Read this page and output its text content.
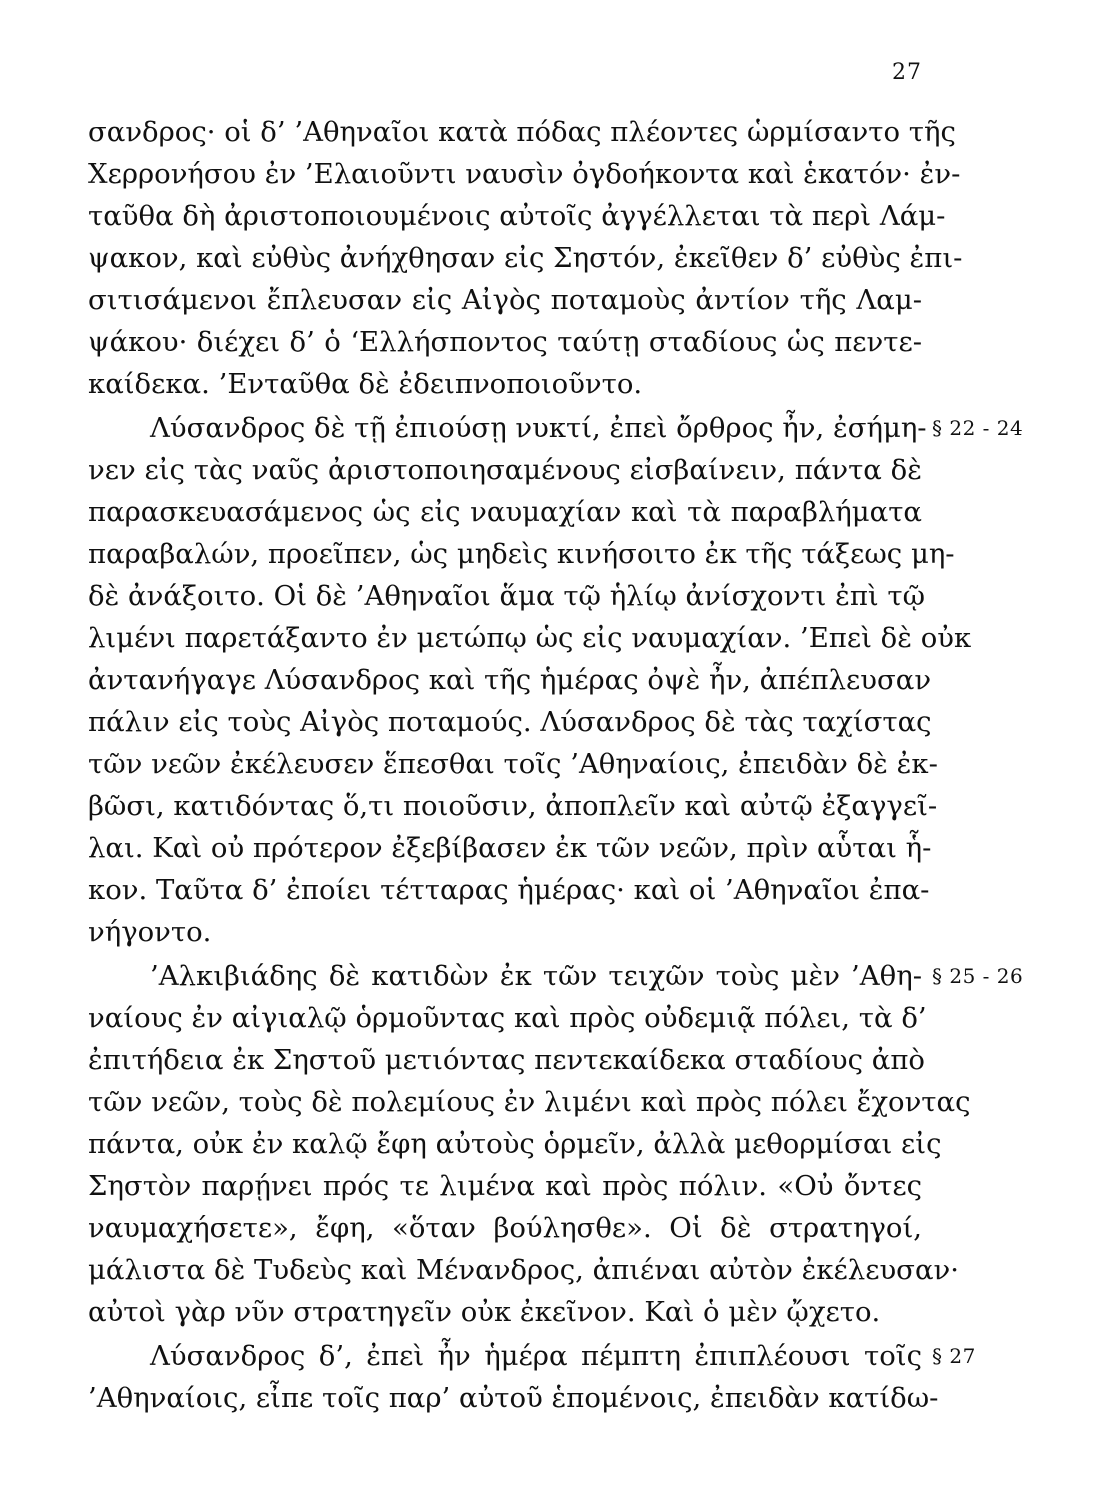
27
σανδρος· οἱ δ’ ’Αθηναῖοι κατὰ πόδας πλέοντες ὡρμίσαντο τῆς
Χερρονήσου ἐν ’Ελαιοῦντι ναυσὶν ὀγδοήκοντα καὶ ἑκατόν· ἐν-
ταῦθα δὴ ἀριστοποιουμένοις αὐτοῖς ἀγγέλλεται τὰ περὶ Λάμ-
ψακον, καὶ εὐθὺς ἀνήχθησαν εἰς Σηστόν, ἐκεῖθεν δ’ εὐθὺς ἐπι-
σιτισάμενοι ἔπλευσαν εἰς Αἰγὸς ποταμοὺς ἀντίον τῆς Λαμ-
ψάκου· διέχει δ’ ὁ ‘Ελλήσποντος ταύτῃ σταδίους ὡς πεντε-
καίδεκα. ’Ενταῦθα δὲ ἐδειπνοποιοῦντο.
Λύσανδρος δὲ τῇ ἐπιούσῃ νυκτί, ἐπεὶ ὄρθρος ἦν, ἐσήμη-
νεν εἰς τὰς ναῦς ἀριστοποιησαμένους εἰσβαίνειν, πάντα δὲ
παρασκευασάμενος ὡς εἰς ναυμαχίαν καὶ τὰ παραβλήματα
παραβαλών, προεῖπεν, ὡς μηδεὶς κινήσοιτο ἐκ τῆς τάξεως μη-
δὲ ἀνάξοιτο. Οἱ δὲ ’Αθηναῖοι ἅμα τῷ ἡλίῳ ἀνίσχοντι ἐπὶ τῷ
λιμένι παρετάξαντο ἐν μετώπῳ ὡς εἰς ναυμαχίαν. ’Επεὶ δὲ οὐκ
ἀντανήγαγε Λύσανδρος καὶ τῆς ἡμέρας ὀψὲ ἦν, ἀπέπλευσαν
πάλιν εἰς τοὺς Αἰγὸς ποταμούς. Λύσανδρος δὲ τὰς ταχίστας
τῶν νεῶν ἐκέλευσεν ἕπεσθαι τοῖς ’Αθηναίοις, ἐπειδὰν δὲ ἐκ-
βῶσι, κατιδόντας ὅ,τι ποιοῦσιν, ἀποπλεῖν καὶ αὐτῷ ἐξαγγεῖ-
λαι. Καὶ οὐ πρότερον ἐξεβίβασεν ἐκ τῶν νεῶν, πρὶν αὗται ἧ-
κον. Ταῦτα δ’ ἐποίει τέτταρας ἡμέρας· καὶ οἱ ’Αθηναῖοι ἐπα-
νήγοντο.
’Αλκιβιάδης δὲ κατιδὼν ἐκ τῶν τειχῶν τοὺς μὲν ’Αθη-
ναίους ἐν αἰγιαλῷ ὁρμοῦντας καὶ πρὸς οὐδεμιᾷ πόλει, τὰ δ’
ἐπιτήδεια ἐκ Σηστοῦ μετιόντας πεντεκαίδεκα σταδίους ἀπὸ
τῶν νεῶν, τοὺς δὲ πολεμίους ἐν λιμένι καὶ πρὸς πόλει ἔχοντας
πάντα, οὐκ ἐν καλῷ ἔφη αὐτοὺς ὁρμεῖν, ἀλλὰ μεθορμίσαι εἰς
Σηστὸν παρῄνει πρός τε λιμένα καὶ πρὸς πόλιν. «Οὐ ὄντες
ναυμαχήσετε», ἔφη, «ὅταν βούλησθε». Οἱ δὲ στρατηγοί,
μάλιστα δὲ Τυδεὺς καὶ Μένανδρος, ἀπιέναι αὐτὸν ἐκέλευσαν·
αὐτοὶ γὰρ νῦν στρατηγεῖν οὐκ ἐκεῖνον. Καὶ ὁ μὲν ᾤχετο.
Λύσανδρος δ’, ἐπεὶ ἦν ἡμέρα πέμπτη ἐπιπλέουσι τοῖς
’Αθηναίοις, εἶπε τοῖς παρ’ αὐτοῦ ἑπομένοις, ἐπειδὰν κατίδω-
§ 22 - 24
§ 25 - 26
§ 27
